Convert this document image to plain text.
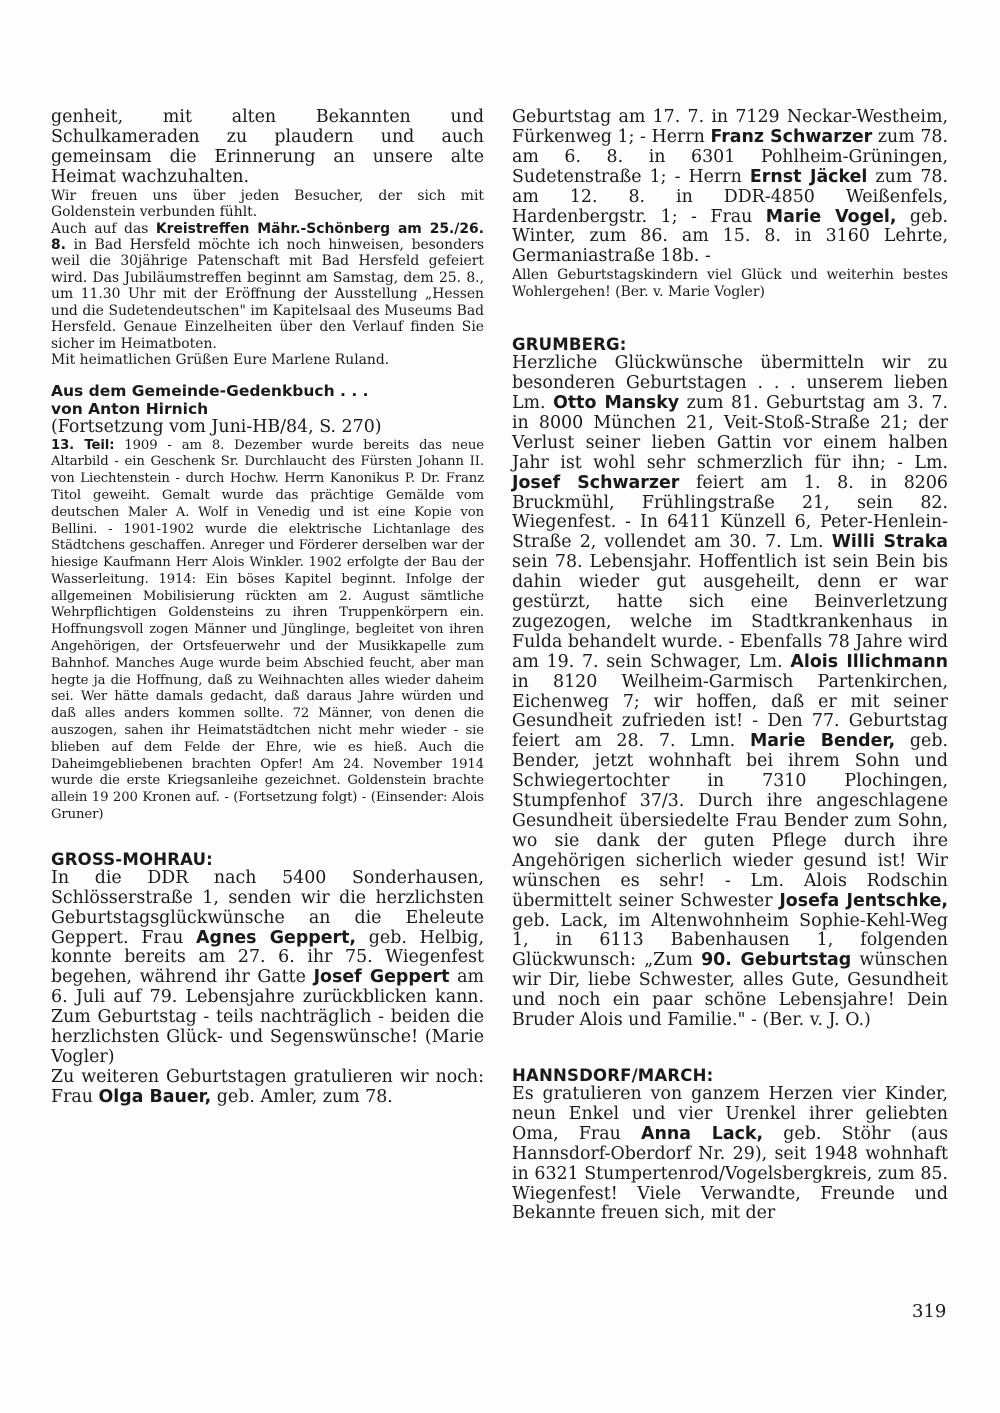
genheit, mit alten Bekannten und Schulkameraden zu plaudern und auch gemeinsam die Erinnerung an unsere alte Heimat wachzuhalten.

Wir freuen uns über jeden Besucher, der sich mit Goldenstein verbunden fühlt.

Auch auf das Kreistreffen Mähr.-Schönberg am 25./26. 8. in Bad Hersfeld möchte ich noch hinweisen, besonders weil die 30jährige Patenschaft mit Bad Hersfeld gefeiert wird. Das Jubiläumstreffen beginnt am Samstag, dem 25. 8., um 11.30 Uhr mit der Eröffnung der Ausstellung „Hessen und die Sudetendeutschen" im Kapitelsaal des Museums Bad Hersfeld. Genaue Einzelheiten über den Verlauf finden Sie sicher im Heimatboten.

Mit heimatlichen Grüßen Eure Marlene Ruland.

Aus dem Gemeinde-Gedenkbuch . . .

von Anton Hirnich

(Fortsetzung vom Juni-HB/84, S. 270)

13. Teil: 1909 - am 8. Dezember wurde bereits das neue Altarbild - ein Geschenk Sr. Durchlaucht des Fürsten Johann II. von Liechtenstein - durch Hochw. Herrn Kanonikus P. Dr. Franz Titol geweiht. Gemalt wurde das prächtige Gemälde vom deutschen Maler A. Wolf in Venedig und ist eine Kopie von Bellini. - 1901-1902 wurde die elektrische Lichtanlage des Städtchens geschaffen. Anreger und Förderer derselben war der hiesige Kaufmann Herr Alois Winkler. 1902 erfolgte der Bau der Wasserleitung. 1914: Ein böses Kapitel beginnt. Infolge der allgemeinen Mobilisierung rückten am 2. August sämtliche Wehrpflichtigen Goldensteins zu ihren Truppenkörpern ein. Hoffnungsvoll zogen Männer und Jünglinge, begleitet von ihren Angehörigen, der Ortsfeuerwehr und der Musikkapelle zum Bahnhof. Manches Auge wurde beim Abschied feucht, aber man hegte ja die Hoffnung, daß zu Weihnachten alles wieder daheim sei. Wer hätte damals gedacht, daß daraus Jahre würden und daß alles anders kommen sollte. 72 Männer, von denen die auszogen, sahen ihr Heimatstädtchen nicht mehr wieder - sie blieben auf dem Felde der Ehre, wie es hieß. Auch die Daheimgebliebenen brachten Opfer! Am 24. November 1914 wurde die erste Kriegsanleihe gezeichnet. Goldenstein brachte allein 19 200 Kronen auf. - (Fortsetzung folgt) - (Einsender: Alois Gruner)

GROSS-MOHRAU:

In die DDR nach 5400 Sonderhausen, Schlösserstraße 1, senden wir die herzlichsten Geburtstagsglückwünsche an die Eheleute Geppert. Frau Agnes Geppert, geb. Helbig, konnte bereits am 27. 6. ihr 75. Wiegenfest begehen, während ihr Gatte Josef Geppert am 6. Juli auf 79. Lebensjahre zurückblicken kann. Zum Geburtstag - teils nachträglich - beiden die herzlichsten Glück- und Segenswünsche! (Marie Vogler)

Zu weiteren Geburtstagen gratulieren wir noch: Frau Olga Bauer, geb. Amler, zum 78.

Geburtstag am 17. 7. in 7129 Neckar-Westheim, Fürkenweg 1; - Herrn Franz Schwarzer zum 78. am 6. 8. in 6301 Pohlheim-Grüningen, Sudetenstraße 1; - Herrn Ernst Jäckel zum 78. am 12. 8. in DDR-4850 Weißenfels, Hardenbergstr. 1; - Frau Marie Vogel, geb. Winter, zum 86. am 15. 8. in 3160 Lehrte, Germaniastraße 18b. -

Allen Geburtstagskindern viel Glück und weiterhin bestes Wohlergehen! (Ber. v. Marie Vogler)

GRUMBERG:

Herzliche Glückwünsche übermitteln wir zu besonderen Geburtstagen . . . unserem lieben Lm. Otto Mansky zum 81. Geburtstag am 3. 7. in 8000 München 21, Veit-Stoß-Straße 21; der Verlust seiner lieben Gattin vor einem halben Jahr ist wohl sehr schmerzlich für ihn; - Lm. Josef Schwarzer feiert am 1. 8. in 8206 Bruckmühl, Frühlingstraße 21, sein 82. Wiegenfest. - In 6411 Künzell 6, Peter-Henlein-Straße 2, vollendet am 30. 7. Lm. Willi Straka sein 78. Lebensjahr. Hoffentlich ist sein Bein bis dahin wieder gut ausgeheilt, denn er war gestürzt, hatte sich eine Beinverletzung zugezogen, welche im Stadtkrankenhaus in Fulda behandelt wurde. - Ebenfalls 78 Jahre wird am 19. 7. sein Schwager, Lm. Alois Illichmann in 8120 Weilheim-Garmisch Partenkirchen, Eichenweg 7; wir hoffen, daß er mit seiner Gesundheit zufrieden ist! - Den 77. Geburtstag feiert am 28. 7. Lmn. Marie Bender, geb. Bender, jetzt wohnhaft bei ihrem Sohn und Schwiegertochter in 7310 Plochingen, Stumpfenhof 37/3. Durch ihre angeschlagene Gesundheit übersiedelte Frau Bender zum Sohn, wo sie dank der guten Pflege durch ihre Angehörigen sicherlich wieder gesund ist! Wir wünschen es sehr! - Lm. Alois Rodschin übermittelt seiner Schwester Josefa Jentschke, geb. Lack, im Altenwohnheim Sophie-Kehl-Weg 1, in 6113 Babenhausen 1, folgenden Glückwunsch: „Zum 90. Geburtstag wünschen wir Dir, liebe Schwester, alles Gute, Gesundheit und noch ein paar schöne Lebensjahre! Dein Bruder Alois und Familie." - (Ber. v. J. O.)

HANNSDORF/MARCH:

Es gratulieren von ganzem Herzen vier Kinder, neun Enkel und vier Urenkel ihrer geliebten Oma, Frau Anna Lack, geb. Stöhr (aus Hannsdorf-Oberdorf Nr. 29), seit 1948 wohnhaft in 6321 Stumpertenrod/Vogelsbergkreis, zum 85. Wiegenfest! Viele Verwandte, Freunde und Bekannte freuen sich, mit der

319
